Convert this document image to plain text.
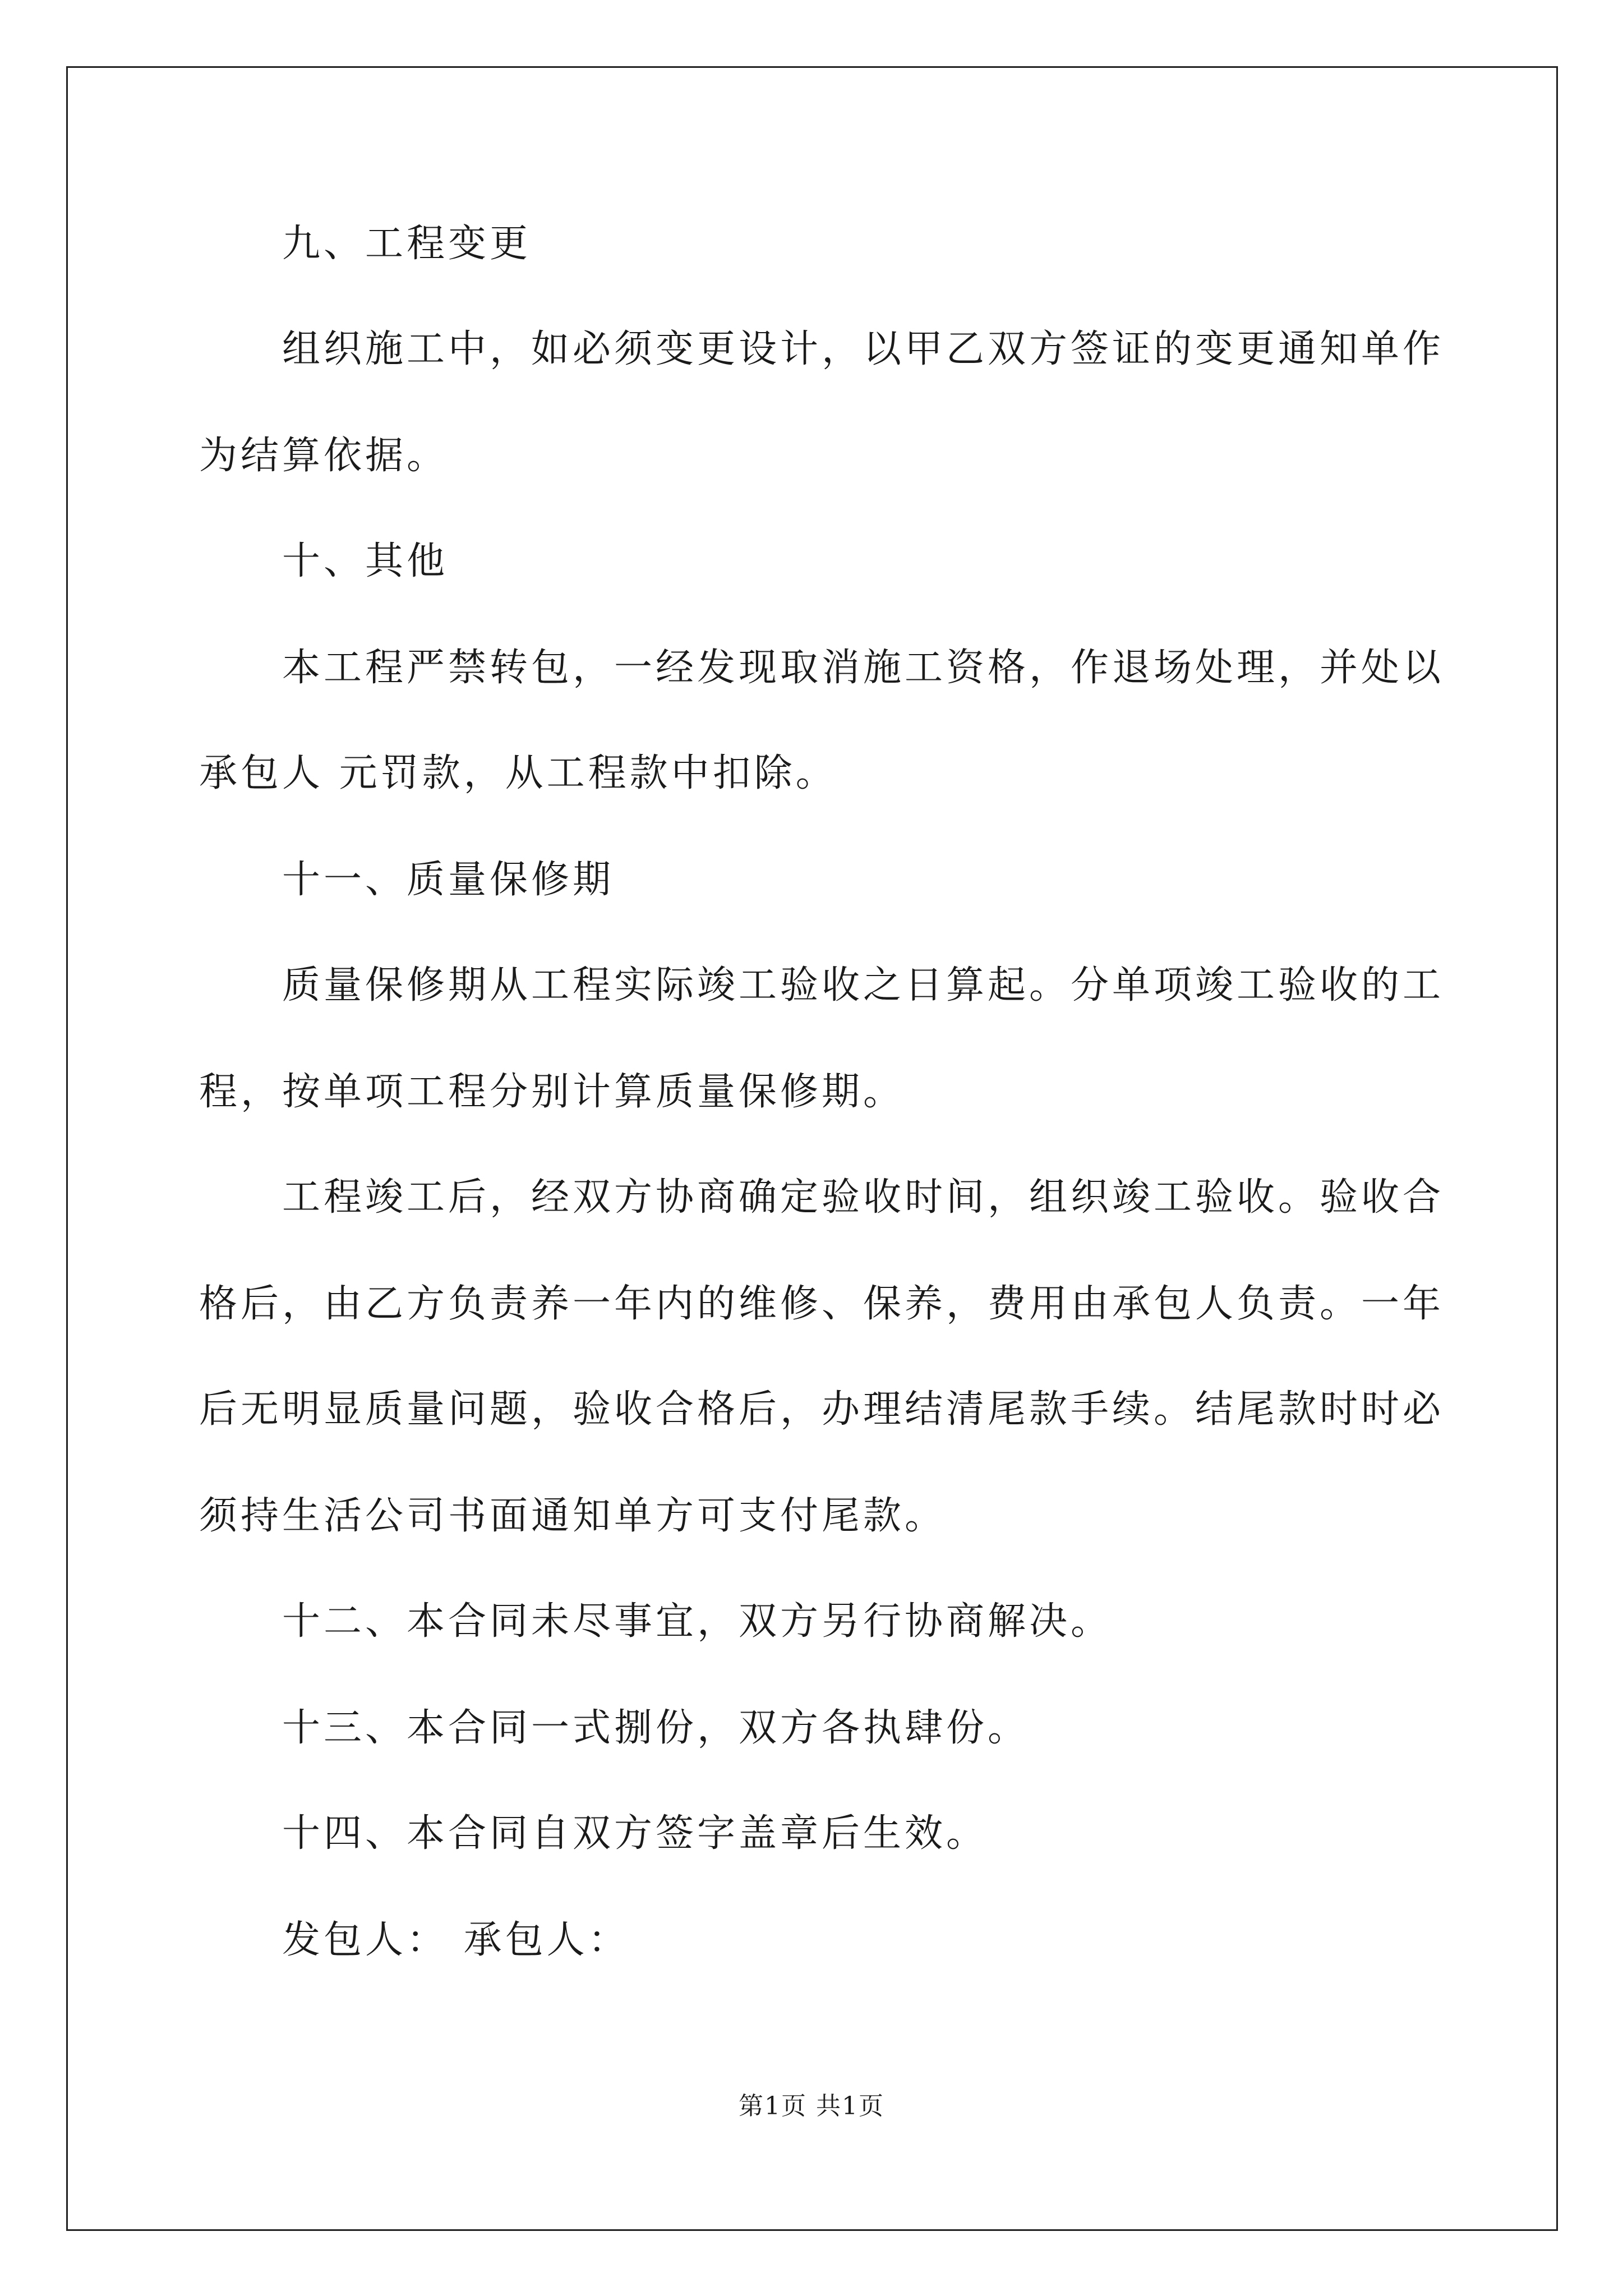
九、工程变更
组织施工中，如必须变更设计，以甲乙双方签证的变更通知单作
为结算依据。
十、其他
本工程严禁转包，一经发现取消施工资格，作退场处理，并处以
承包人 元罚款，从工程款中扣除。
十一、质量保修期
质量保修期从工程实际竣工验收之日算起。分单项竣工验收的工
程，按单项工程分别计算质量保修期。
工程竣工后，经双方协商确定验收时间，组织竣工验收。验收合
格后，由乙方负责养一年内的维修、保养，费用由承包人负责。一年
后无明显质量问题，验收合格后，办理结清尾款手续。结尾款时时必
须持生活公司书面通知单方可支付尾款。
十二、本合同未尽事宜，双方另行协商解决。
十三、本合同一式捌份，双方各执肆份。
十四、本合同自双方签字盖章后生效。
发包人： 承包人：
第1页 共1页
